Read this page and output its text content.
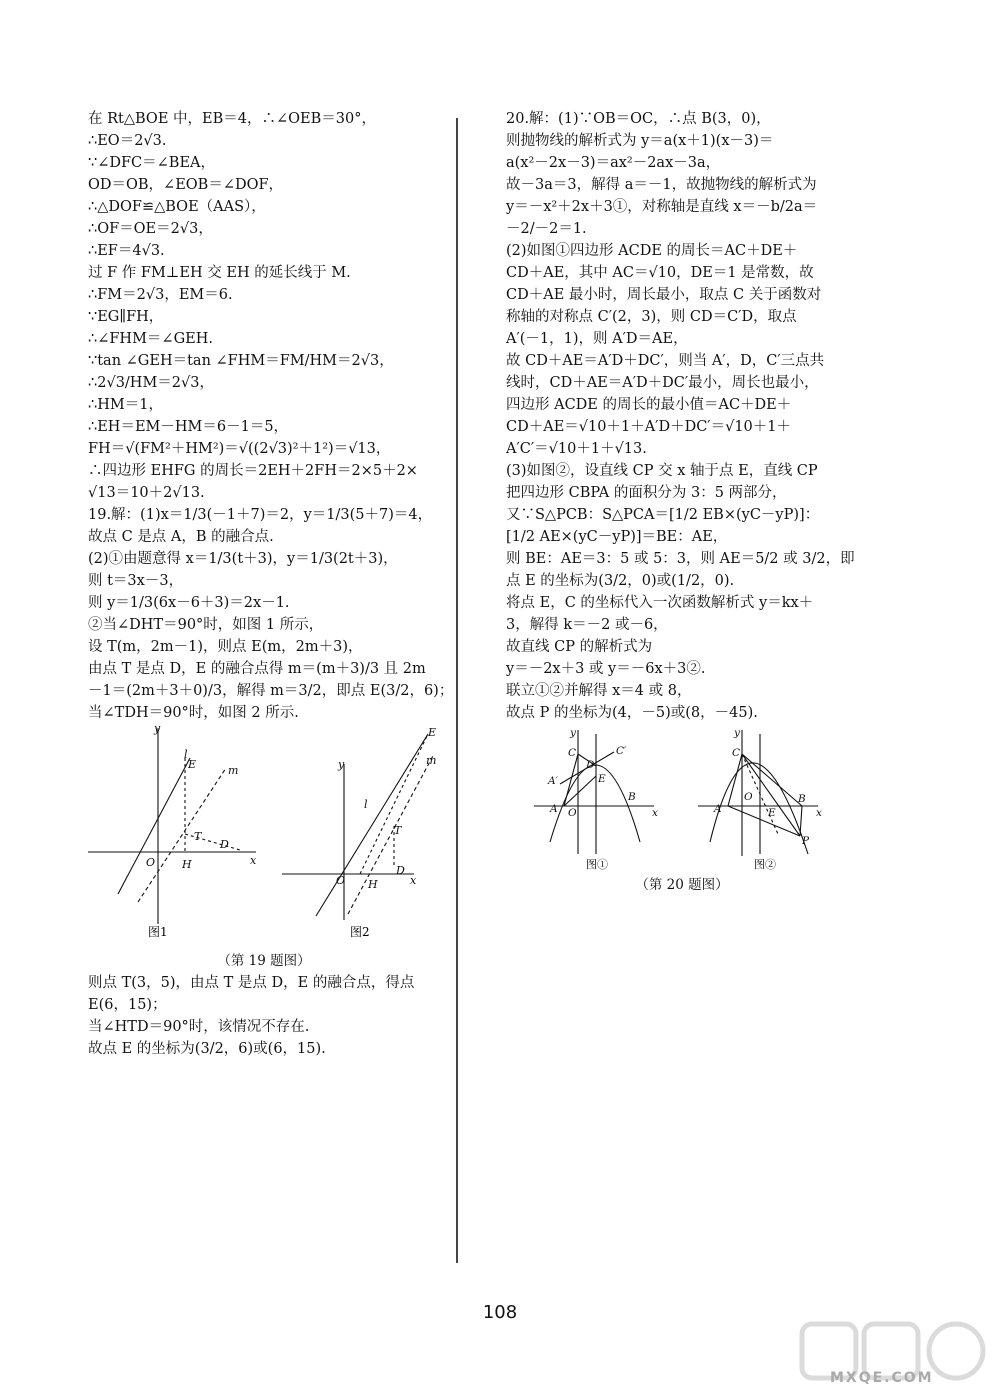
在 Rt△BOE 中，EB＝4，∴∠OEB＝30°，
∴EO＝2√3.
∵∠DFC＝∠BEA，
OD＝OB，∠EOB＝∠DOF，
∴△DOF≌△BOE（AAS），
∴OF＝OE＝2√3，
∴EF＝4√3.
过 F 作 FM⊥EH 交 EH 的延长线于 M.
∴FM＝2√3，EM＝6.
∵EG∥FH，
∴∠FHM＝∠GEH.
∵tan ∠GEH＝tan ∠FHM＝FM/HM＝2√3，
∴2√3/HM＝2√3，
∴HM＝1，
∴EH＝EM－HM＝6－1＝5，
FH＝√(FM²＋HM²)＝√((2√3)²＋1²)＝√13，
∴四边形 EHFG 的周长＝2EH＋2FH＝2×5＋2×
√13＝10＋2√13.
19.解：(1)x＝1/3(－1＋7)＝2，y＝1/3(5＋7)＝4，
故点 C 是点 A，B 的融合点.
(2)①由题意得 x＝1/3(t＋3)，y＝1/3(2t＋3)，
则 t＝3x－3，
则 y＝1/3(6x－6＋3)＝2x－1.
②当∠DHT＝90°时，如图 1 所示，
设 T(m，2m－1)，则点 E(m，2m＋3)，
由点 T 是点 D，E 的融合点得 m＝(m＋3)/3 且 2m
－1＝(2m＋3＋0)/3，解得 m＝3/2，即点 E(3/2，6)；
当∠TDH＝90°时，如图 2 所示.
y
x
O
l
E	m
T
D
H
图1
y
x
O
l
E
m
T
D
H
图2
（第 19 题图）
则点 T(3，5)，由点 T 是点 D，E 的融合点，得点
E(6，15)；
当∠HTD＝90°时，该情况不存在.
故点 E 的坐标为(3/2，6)或(6，15).
20.解：(1)∵OB＝OC，∴点 B(3，0)，
则抛物线的解析式为 y＝a(x＋1)(x－3)＝
a(x²－2x－3)＝ax²－2ax－3a，
故－3a＝3，解得 a＝－1，故抛物线的解析式为
y＝－x²＋2x＋3①，对称轴是直线 x＝－b/2a＝
－2/－2＝1.
(2)如图①四边形 ACDE 的周长＝AC＋DE＋
CD＋AE，其中 AC＝√10，DE＝1 是常数，故
CD＋AE 最小时，周长最小，取点 C 关于函数对
称轴的对称点 C′(2，3)，则 CD＝C′D，取点
A′(－1，1)，则 A′D＝AE，
故 CD＋AE＝A′D＋DC′，则当 A′，D，C′三点共
线时，CD＋AE＝A′D＋DC′最小，周长也最小，
四边形 ACDE 的周长的最小值＝AC＋DE＋
CD＋AE＝√10＋1＋A′D＋DC′＝√10＋1＋
A′C′＝√10＋1＋√13.
(3)如图②，设直线 CP 交 x 轴于点 E，直线 CP
把四边形 CBPA 的面积分为 3：5 两部分，
又∵S△PCB：S△PCA＝[1/2 EB×(yC－yP)]：
[1/2 AE×(yC－yP)]＝BE：AE，
则 BE：AE＝3：5 或 5：3，则 AE＝5/2 或 3/2，即
点 E 的坐标为(3/2，0)或(1/2，0).
将点 E，C 的坐标代入一次函数解析式 y＝kx＋
3，解得 k＝－2 或－6，
故直线 CP 的解析式为
y＝－2x＋3 或 y＝－6x＋3②.
联立①②并解得 x＝4 或 8，
故点 P 的坐标为(4，－5)或(8，－45).
y
x
O
A
B
C	C′
A′
D
E
图①
y
x
O
A
B
C
E
P
图②
（第 20 题图）
108
MXQE.COM
